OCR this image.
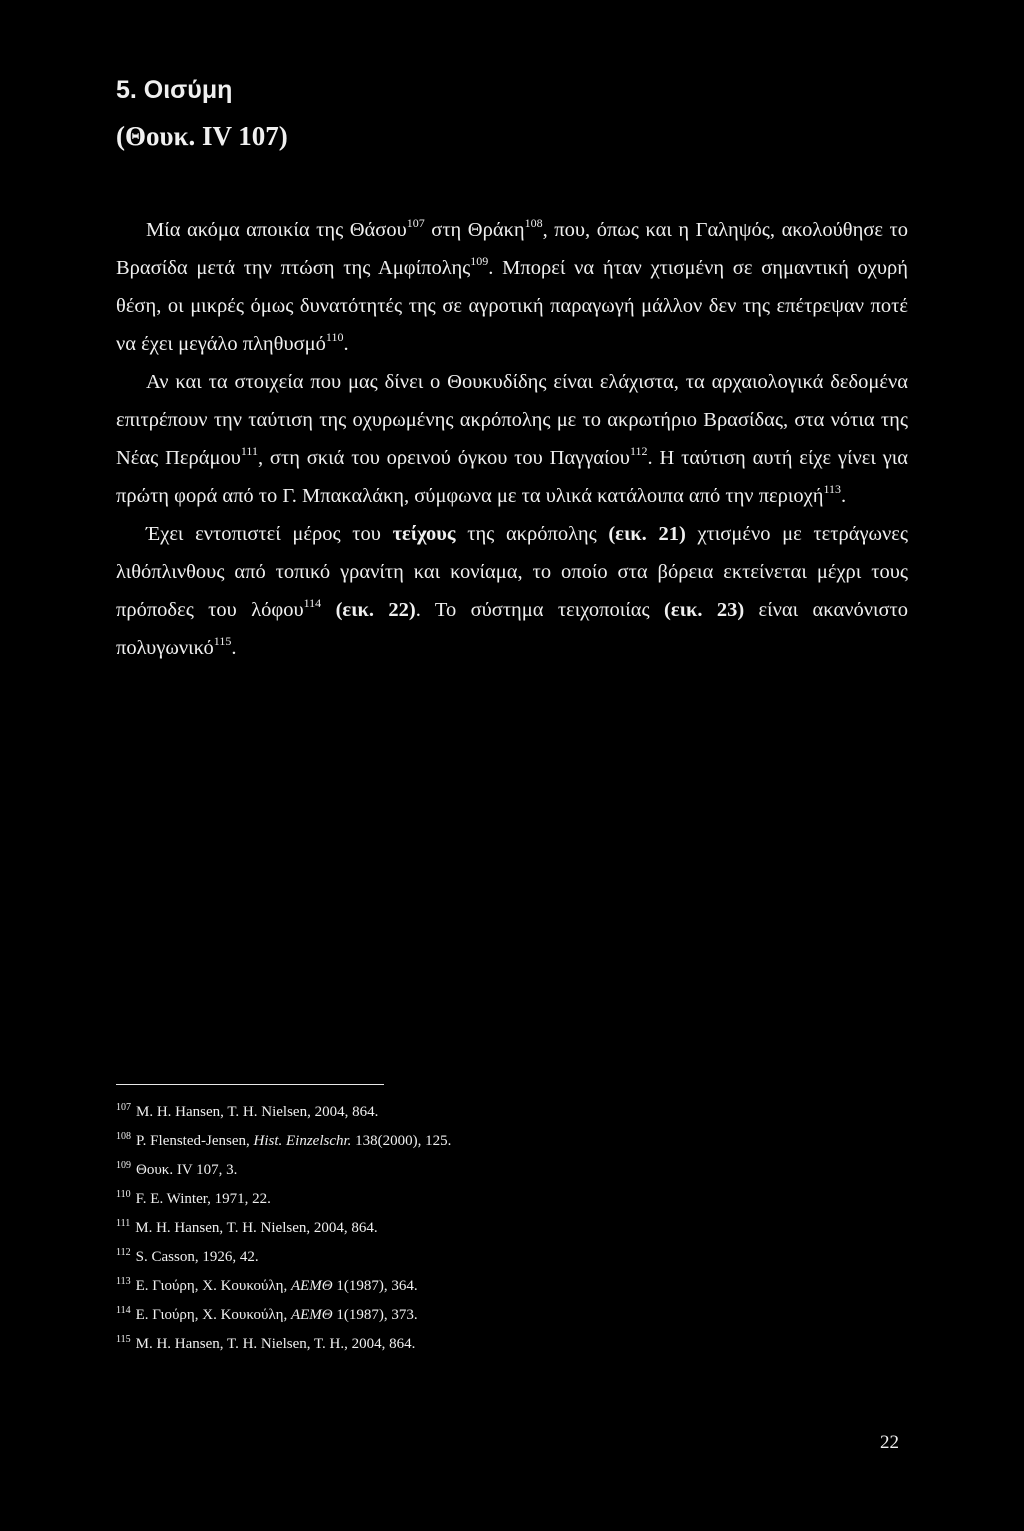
5. Οισύμη
(Θουκ. IV 107)

Μία ακόμα αποικία της Θάσου$^{107}$ στη Θράκη$^{108}$, που, όπως και η Γαληψός, ακολούθησε το Βρασίδα μετά την πτώση της Αμφίπολης$^{109}$. Μπορεί να ήταν χτισμένη σε σημαντική οχυρή θέση, οι μικρές όμως δυνατότητές της σε αγροτική παραγωγή μάλλον δεν της επέτρεψαν ποτέ να έχει μεγάλο πληθυσμό$^{110}$.

Αν και τα στοιχεία που μας δίνει ο Θουκυδίδης είναι ελάχιστα, τα αρχαιολογικά δεδομένα επιτρέπουν την ταύτιση της οχυρωμένης ακρόπολης με το ακρωτήριο Βρασίδας, στα νότια της Νέας Περάμου$^{111}$, στη σκιά του ορεινού όγκου του Παγγαίου$^{112}$. Η ταύτιση αυτή είχε γίνει για πρώτη φορά από το Γ. Μπακαλάκη, σύμφωνα με τα υλικά κατάλοιπα από την περιοχή$^{113}$.

Έχει εντοπιστεί μέρος του τείχους της ακρόπολης (εικ. 21) χτισμένο με τετράγωνες λιθόπλινθους από τοπικό γρανίτη και κονίαμα, το οποίο στα βόρεια εκτείνεται μέχρι τους πρόποδες του λόφου$^{114}$ (εικ. 22). Το σύστημα τειχοποιίας (εικ. 23) είναι ακανόνιστο πολυγωνικό$^{115}$.

$^{107}$ M. H. Hansen, T. H. Nielsen, 2004, 864.
$^{108}$ P. Flensted-Jensen, Hist. Einzelschr. 138(2000), 125.
$^{109}$ Θουκ. IV 107, 3.
$^{110}$ F. E. Winter, 1971, 22.
$^{111}$ M. H. Hansen, T. H. Nielsen, 2004, 864.
$^{112}$ S. Casson, 1926, 42.
$^{113}$ Ε. Γιούρη, Χ. Κουκούλη, ΑΕΜΘ 1(1987), 364.
$^{114}$ Ε. Γιούρη, Χ. Κουκούλη, ΑΕΜΘ 1(1987), 373.
$^{115}$ M. H. Hansen, T. H. Nielsen, T. H., 2004, 864.
22
